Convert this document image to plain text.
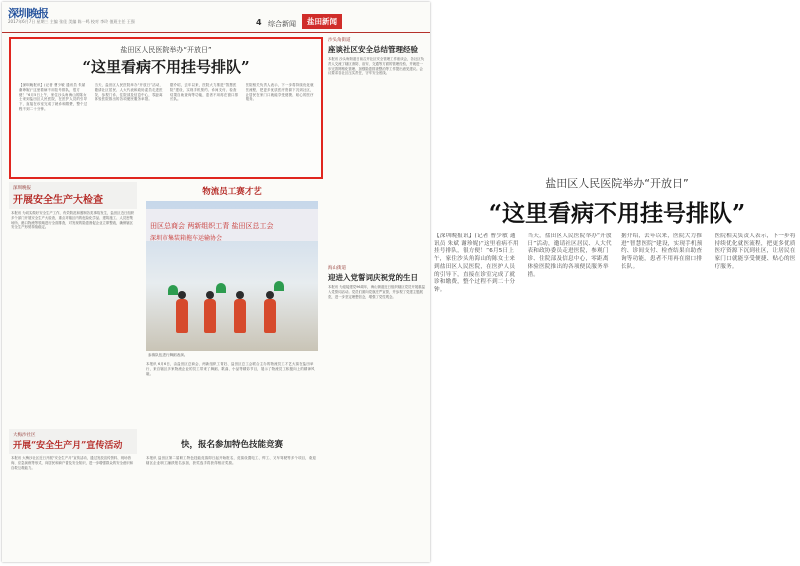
深圳晚报
2017年6月7日 星期三 主编 张佳 美编 陈一鸣 校对 李玲 值班主任 王强	4 综合新闻	盐田新闻
盐田区人民医院举办“开放日”
“这里看病不用挂号排队”
【深圳晚报讯】(记者 曹少敏 通讯员 朱斌 谢珍妮)“这里看病不用挂号排队，很方便！”6月5日上午，家住沙头角海山的陈女士来到盐田区人民医院，在医护人员的引导下，直接在诊室完成了就诊和缴费，整个过程不到二十分钟。
当天，盐田区人民医院举办“开放日”活动，邀请社区居民、人大代表和政协委员走进医院，参观门诊、住院部及信息中心，零距离体验医院推出的各项便民服务举措。
据介绍，去年以来，医院大力推进“智慧医院”建设，实现手机预约、诊间支付、检查结果自助查询等功能，患者不用再在窗口排长队。
医院相关负责人表示，下一步将持续优化就医流程，把更多优质医疗资源下沉到社区，让居民在家门口就能享受便捷、贴心的医疗服务。
沙头角街道
座谈社区安全总结管理经验
本报讯 沙头角街道日前召开社区安全管理工作座谈会，各社区负责人交流了辖区消防、治安、交通等方面的管理经验，并就进一步完善网格化管理、加强隐患排查整治等工作提出意见建议。会议要求各社区压实责任，守牢安全底线。
海山街道
迎进入党誓词庆祝党的生日
本报讯 为迎接建党96周年，海山街道近日组织辖区党员开展重温入党誓词活动。党员们面向党旗庄严宣誓，并参观了党建主题展览，进一步坚定理想信念，增强了党性观念。
深圳晚报
开展安全生产大检查
本报讯 为切实做好安全生产工作，有效防范和遏制各类事故发生，盐田区近日组织多个部门开展安全生产大检查，重点对辖区内的危险化学品、建筑施工、人员密集场所、港口物流等领域进行全面排查，对发现的隐患督促企业立即整改，确保辖区安全生产形势持续稳定。
大梅沙社区
开展“安全生产月”宣传活动
本报讯 大梅沙社区近日开展“安全生产月”宣传活动，通过发放宣传资料、现场咨询、应急演练等形式，向居民和商户普及安全知识，进一步增强群众的安全意识和自救互救能力。
物流员工赛才艺
田区总商会 两新组织工青 盐田区总工会
深圳市集装箱拖车运输协会
参赛队伍进行舞蹈表演。
本报讯 6月6日，由盐田区总商会、两新组织工青妇、盐田区总工会联合主办的物流员工才艺大赛在盐田举行，来自辖区多家物流企业的员工带来了舞蹈、歌曲、小品等精彩节目，展示了物流员工积极向上的精神风貌。
快，报名参加特色技能竞赛
本报讯 盐田区第二届职工特色技能竞赛即日起开始报名，竞赛设置电工、焊工、叉车驾驶等多个项目，欢迎辖区企业职工踊跃报名参加，获奖选手将获得相应奖励。
盐田区人民医院举办“开放日”
“这里看病不用挂号排队”
【深圳晚报讯】(记者 曹少敏 通讯员 朱斌 谢珍妮)“这里看病不用挂号排队，很方便！”6月5日上午，家住沙头角海山的陈女士来到盐田区人民医院，在医护人员的引导下，直接在诊室完成了就诊和缴费，整个过程不到二十分钟。
当天，盐田区人民医院举办“开放日”活动，邀请社区居民、人大代表和政协委员走进医院，参观门诊、住院部及信息中心，零距离体验医院推出的各项便民服务举措。
据介绍，去年以来，医院大力推进“智慧医院”建设，实现手机预约、诊间支付、检查结果自助查询等功能，患者不用再在窗口排长队。
医院相关负责人表示，下一步将持续优化就医流程，把更多优质医疗资源下沉到社区，让居民在家门口就能享受便捷、贴心的医疗服务。
